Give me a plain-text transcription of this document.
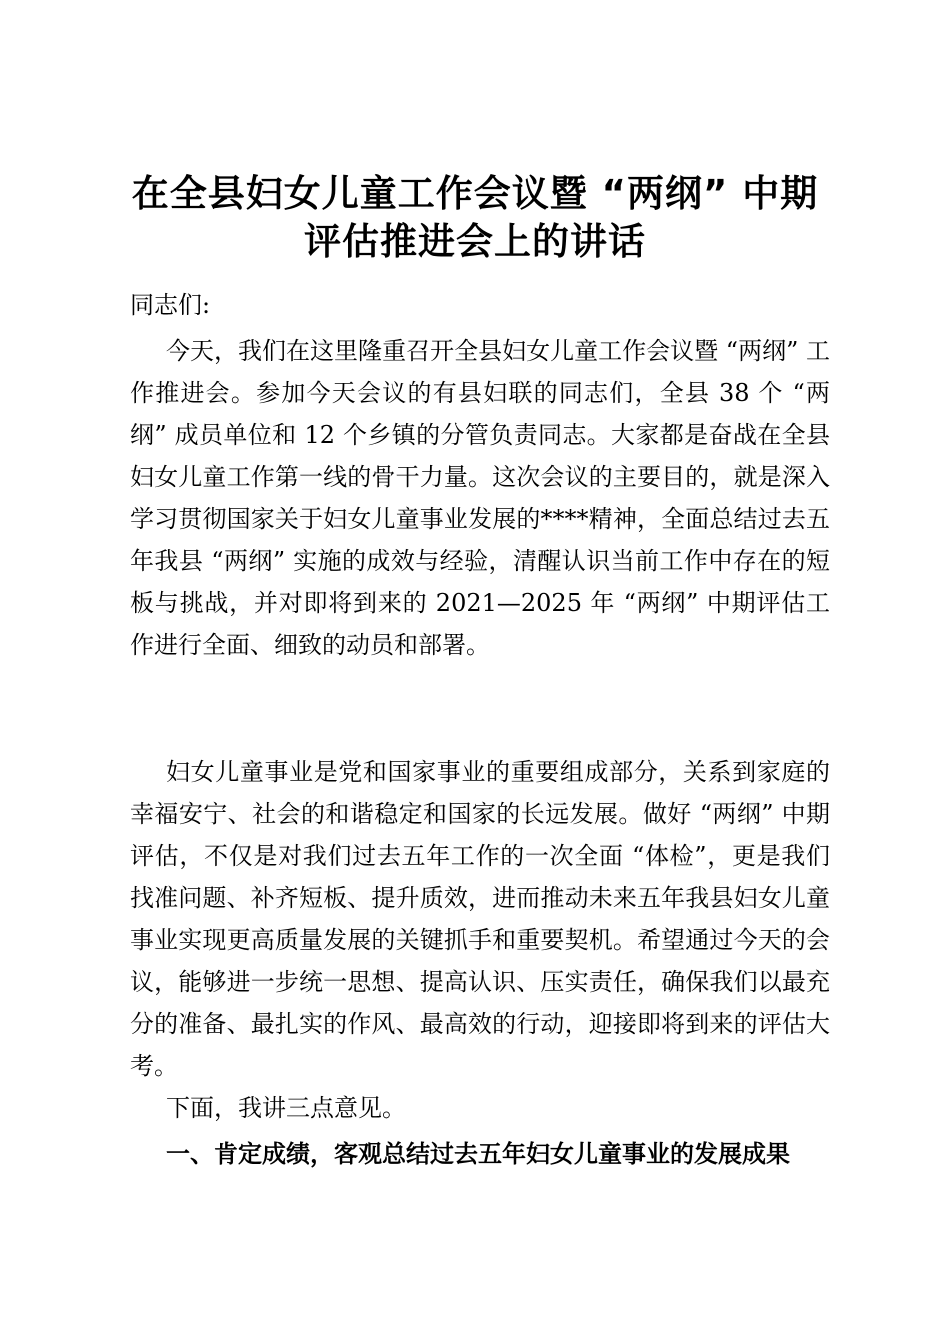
在全县妇女儿童工作会议暨 “两纲” 中期评估推进会上的讲话

同志们:

今天，我们在这里隆重召开全县妇女儿童工作会议暨 “两纲” 工作推进会。参加今天会议的有县妇联的同志们，全县 38 个 “两纲” 成员单位和 12 个乡镇的分管负责同志。大家都是奋战在全县妇女儿童工作第一线的骨干力量。这次会议的主要目的，就是深入学习贯彻国家关于妇女儿童事业发展的****精神，全面总结过去五年我县 “两纲” 实施的成效与经验，清醒认识当前工作中存在的短板与挑战，并对即将到来的 2021—2025 年 “两纲” 中期评估工作进行全面、细致的动员和部署。

妇女儿童事业是党和国家事业的重要组成部分，关系到家庭的幸福安宁、社会的和谐稳定和国家的长远发展。做好 “两纲” 中期评估，不仅是对我们过去五年工作的一次全面 “体检”，更是我们找准问题、补齐短板、提升质效，进而推动未来五年我县妇女儿童事业实现更高质量发展的关键抓手和重要契机。希望通过今天的会议，能够进一步统一思想、提高认识、压实责任，确保我们以最充分的准备、最扎实的作风、最高效的行动，迎接即将到来的评估大考。

下面，我讲三点意见。

一、肯定成绩，客观总结过去五年妇女儿童事业的发展成果
